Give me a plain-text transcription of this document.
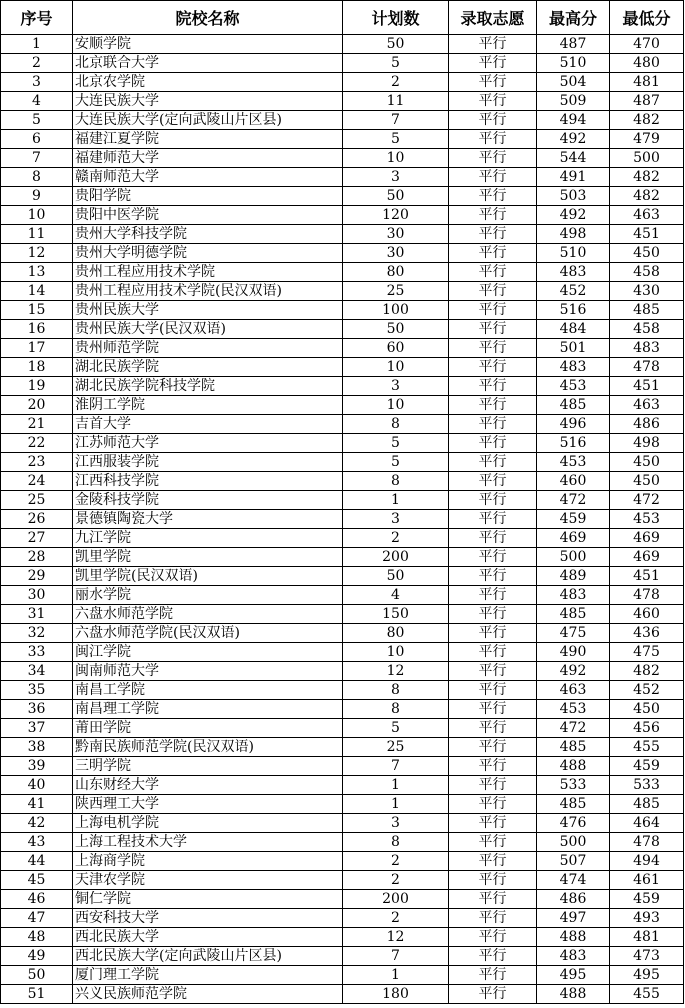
序号	院校名称	计划数	录取志愿	最高分	最低分
1	安顺学院	50	平行	487	470
2	北京联合大学	5	平行	510	480
3	北京农学院	2	平行	504	481
4	大连民族大学	11	平行	509	487
5	大连民族大学(定向武陵山片区县)	7	平行	494	482
6	福建江夏学院	5	平行	492	479
7	福建师范大学	10	平行	544	500
8	赣南师范大学	3	平行	491	482
9	贵阳学院	50	平行	503	482
10	贵阳中医学院	120	平行	492	463
11	贵州大学科技学院	30	平行	498	451
12	贵州大学明德学院	30	平行	510	450
13	贵州工程应用技术学院	80	平行	483	458
14	贵州工程应用技术学院(民汉双语)	25	平行	452	430
15	贵州民族大学	100	平行	516	485
16	贵州民族大学(民汉双语)	50	平行	484	458
17	贵州师范学院	60	平行	501	483
18	湖北民族学院	10	平行	483	478
19	湖北民族学院科技学院	3	平行	453	451
20	淮阴工学院	10	平行	485	463
21	吉首大学	8	平行	496	486
22	江苏师范大学	5	平行	516	498
23	江西服装学院	5	平行	453	450
24	江西科技学院	8	平行	460	450
25	金陵科技学院	1	平行	472	472
26	景德镇陶瓷大学	3	平行	459	453
27	九江学院	2	平行	469	469
28	凯里学院	200	平行	500	469
29	凯里学院(民汉双语)	50	平行	489	451
30	丽水学院	4	平行	483	478
31	六盘水师范学院	150	平行	485	460
32	六盘水师范学院(民汉双语)	80	平行	475	436
33	闽江学院	10	平行	490	475
34	闽南师范大学	12	平行	492	482
35	南昌工学院	8	平行	463	452
36	南昌理工学院	8	平行	453	450
37	莆田学院	5	平行	472	456
38	黔南民族师范学院(民汉双语)	25	平行	485	455
39	三明学院	7	平行	488	459
40	山东财经大学	1	平行	533	533
41	陕西理工大学	1	平行	485	485
42	上海电机学院	3	平行	476	464
43	上海工程技术大学	8	平行	500	478
44	上海商学院	2	平行	507	494
45	天津农学院	2	平行	474	461
46	铜仁学院	200	平行	486	459
47	西安科技大学	2	平行	497	493
48	西北民族大学	12	平行	488	481
49	西北民族大学(定向武陵山片区县)	7	平行	483	473
50	厦门理工学院	1	平行	495	495
51	兴义民族师范学院	180	平行	488	455
